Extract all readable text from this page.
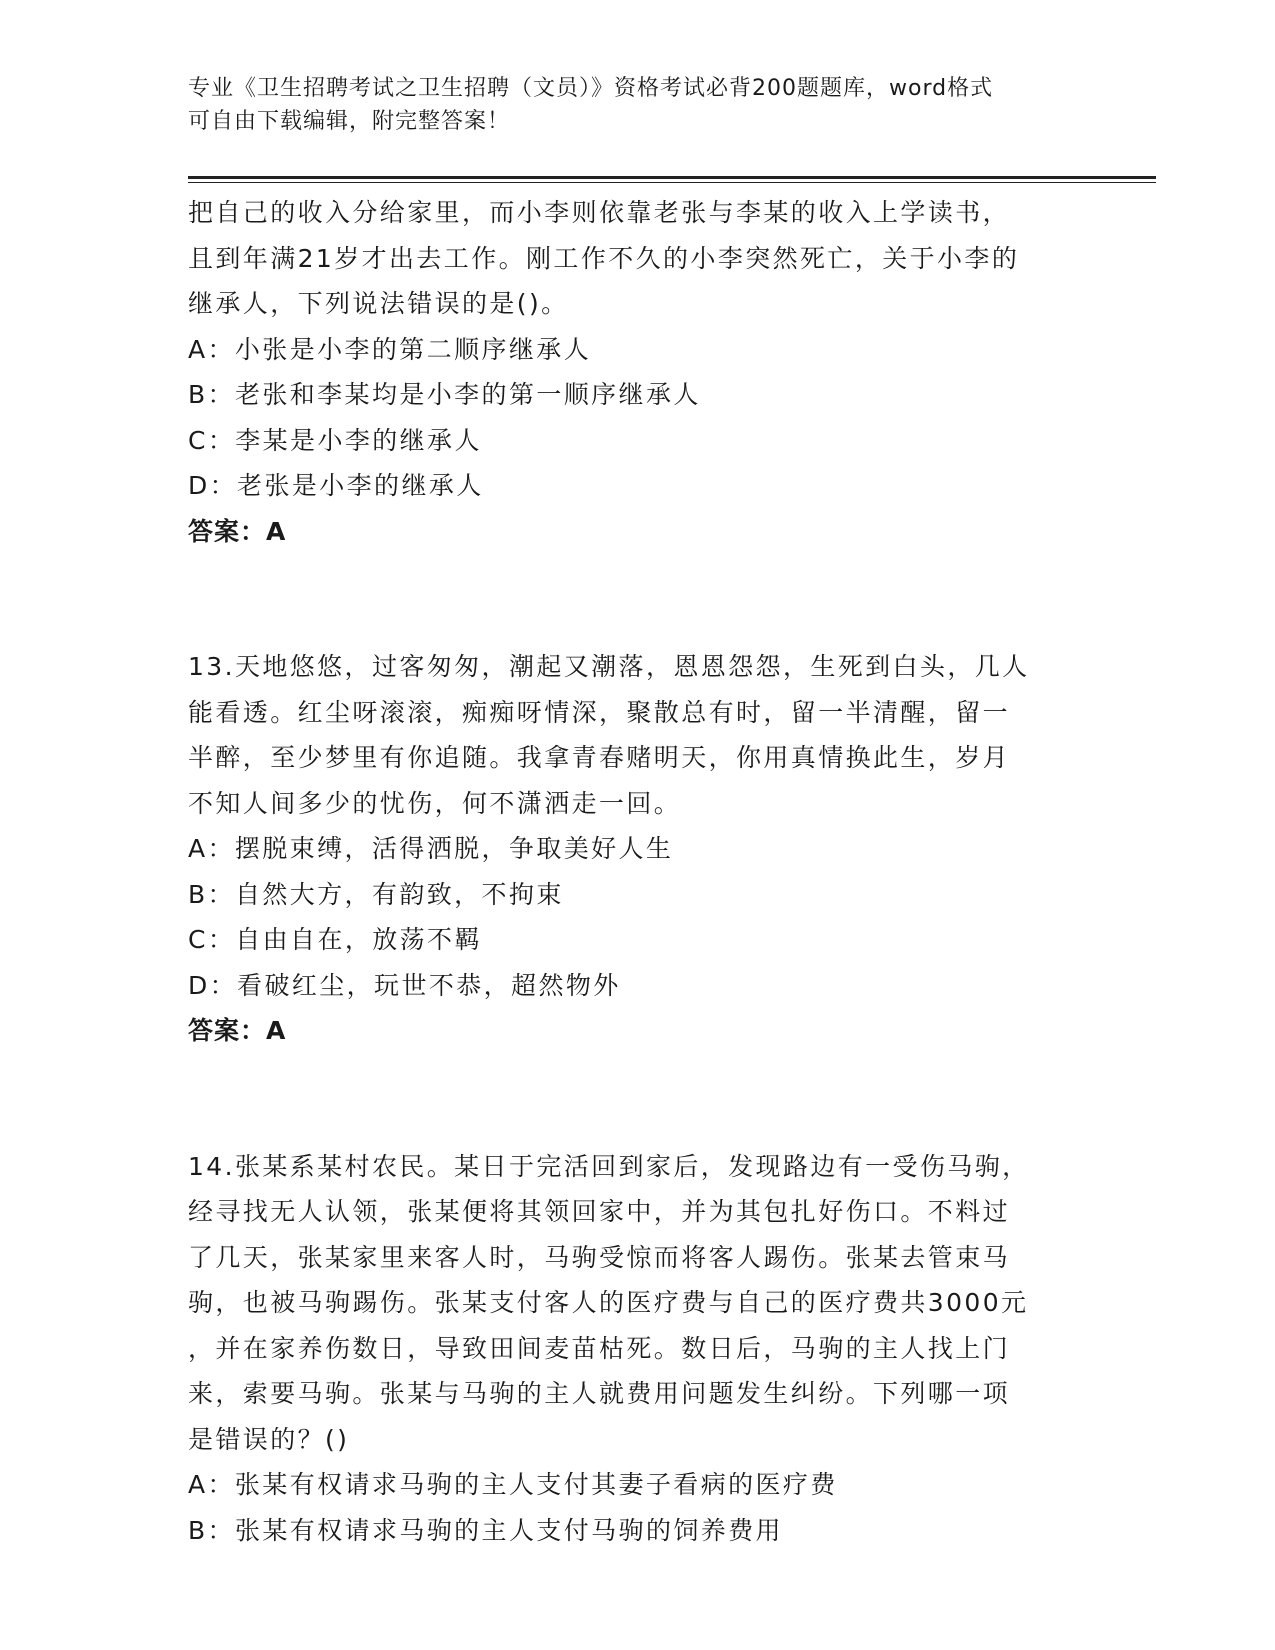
专业《卫生招聘考试之卫生招聘（文员）》资格考试必背200题题库，word格式
可自由下载编辑，附完整答案！
把自己的收入分给家里，而小李则依靠老张与李某的收入上学读书，
且到年满21岁才出去工作。刚工作不久的小李突然死亡，关于小李的
继承人，下列说法错误的是()。
A：小张是小李的第二顺序继承人
B：老张和李某均是小李的第一顺序继承人
C：李某是小李的继承人
D：老张是小李的继承人
答案：A
13.天地悠悠，过客匆匆，潮起又潮落，恩恩怨怨，生死到白头，几人
能看透。红尘呀滚滚，痴痴呀情深，聚散总有时，留一半清醒，留一
半醉，至少梦里有你追随。我拿青春赌明天，你用真情换此生，岁月
不知人间多少的忧伤，何不潇洒走一回。
A：摆脱束缚，活得洒脱，争取美好人生
B：自然大方，有韵致，不拘束
C：自由自在，放荡不羁
D：看破红尘，玩世不恭，超然物外
答案：A
14.张某系某村农民。某日于完活回到家后，发现路边有一受伤马驹，
经寻找无人认领，张某便将其领回家中，并为其包扎好伤口。不料过
了几天，张某家里来客人时，马驹受惊而将客人踢伤。张某去管束马
驹，也被马驹踢伤。张某支付客人的医疗费与自己的医疗费共3000元
，并在家养伤数日，导致田间麦苗枯死。数日后，马驹的主人找上门
来，索要马驹。张某与马驹的主人就费用问题发生纠纷。下列哪一项
是错误的？()
A：张某有权请求马驹的主人支付其妻子看病的医疗费
B：张某有权请求马驹的主人支付马驹的饲养费用
